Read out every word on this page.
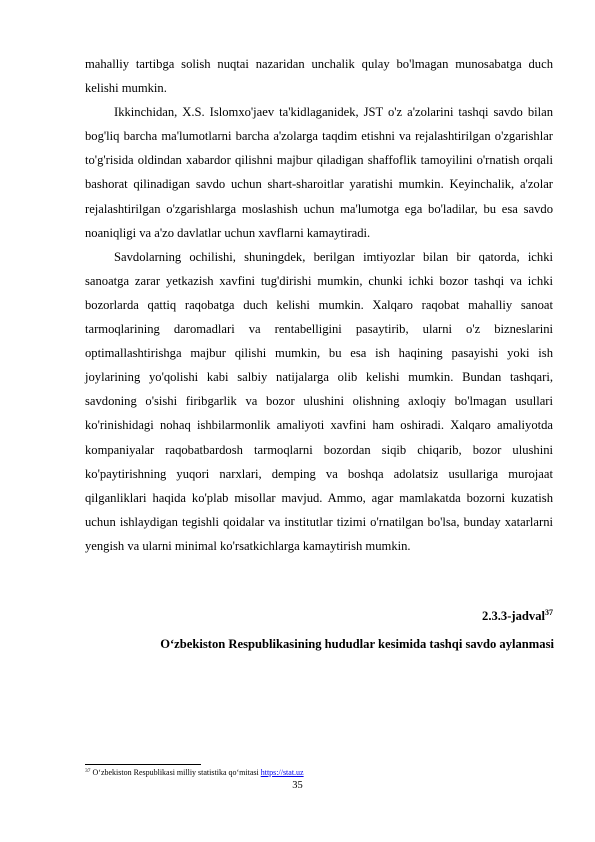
mahalliy tartibga solish nuqtai nazaridan unchalik qulay bo'lmagan munosabatga duch kelishi mumkin.

Ikkinchidan, X.S. Islomxo'jaev ta'kidlaganidek, JST o'z a'zolarini tashqi savdo bilan bog'liq barcha ma'lumotlarni barcha a'zolarga taqdim etishni va rejalashtirilgan o'zgarishlar to'g'risida oldindan xabardor qilishni majbur qiladigan shaffoflik tamoyilini o'rnatish orqali bashorat qilinadigan savdo uchun shart-sharoitlar yaratishi mumkin. Keyinchalik, a'zolar rejalashtirilgan o'zgarishlarga moslashish uchun ma'lumotga ega bo'ladilar, bu esa savdo noaniqligi va a'zo davlatlar uchun xavflarni kamaytiradi.

Savdolarning ochilishi, shuningdek, berilgan imtiyozlar bilan bir qatorda, ichki sanoatga zarar yetkazish xavfini tug'dirishi mumkin, chunki ichki bozor tashqi va ichki bozorlarda qattiq raqobatga duch kelishi mumkin. Xalqaro raqobat mahalliy sanoat tarmoqlarining daromadlari va rentabelligini pasaytirib, ularni o'z bizneslarini optimallashtirishga majbur qilishi mumkin, bu esa ish haqining pasayishi yoki ish joylarining yo'qolishi kabi salbiy natijalarga olib kelishi mumkin. Bundan tashqari, savdoning o'sishi firibgarlik va bozor ulushini olishning axloqiy bo'lmagan usullari ko'rinishidagi nohaq ishbilarmonlik amaliyoti xavfini ham oshiradi. Xalqaro amaliyotda kompaniyalar raqobatbardosh tarmoqlarni bozordan siqib chiqarib, bozor ulushini ko'paytirishning yuqori narxlari, demping va boshqa adolatsiz usullariga murojaat qilganliklari haqida ko'plab misollar mavjud. Ammo, agar mamlakatda bozorni kuzatish uchun ishlaydigan tegishli qoidalar va institutlar tizimi o'rnatilgan bo'lsa, bunday xatarlarni yengish va ularni minimal ko'rsatkichlarga kamaytirish mumkin.

2.3.3-jadval$^{37}$
O‘zbekiston Respublikasining hududlar kesimida tashqi savdo aylanmasi
$^{37}$ O‘zbekiston Respublikasi milliy statistika qo‘mitasi https://stat.uz
35
